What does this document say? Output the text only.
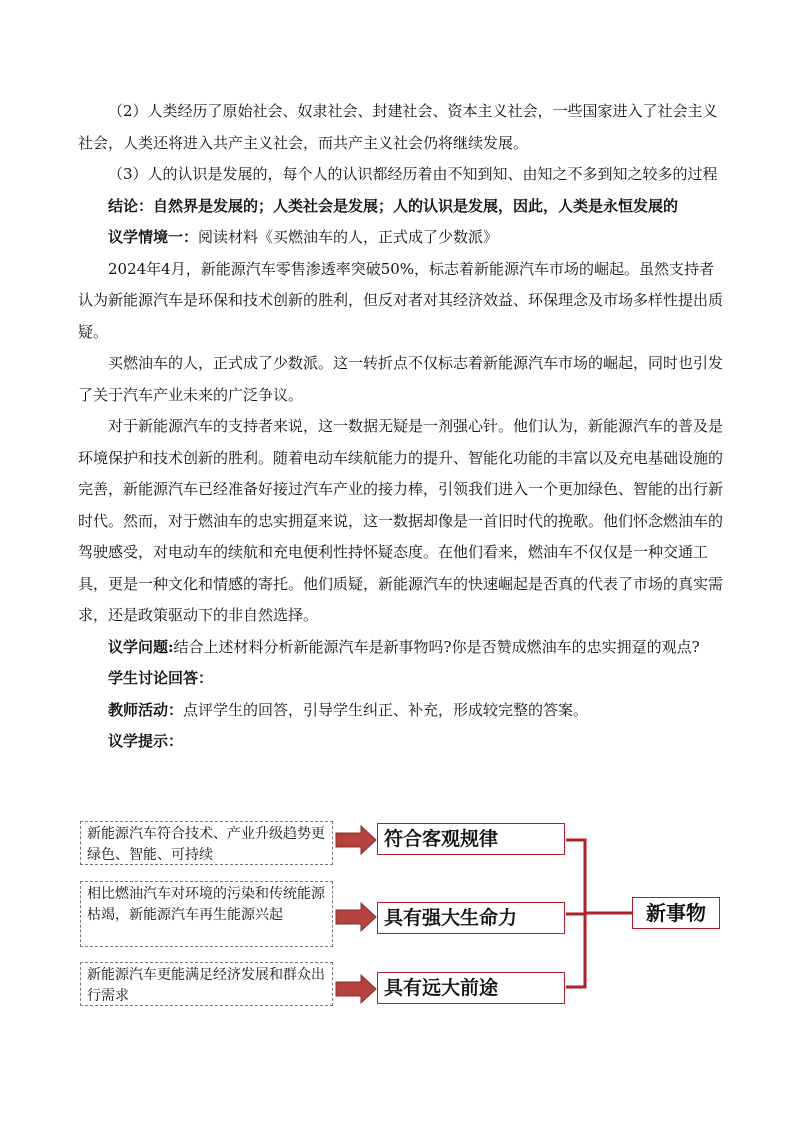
（2）人类经历了原始社会、奴隶社会、封建社会、资本主义社会，一些国家进入了社会主义社会，人类还将进入共产主义社会，而共产主义社会仍将继续发展。

（3）人的认识是发展的，每个人的认识都经历着由不知到知、由知之不多到知之较多的过程

结论：自然界是发展的；人类社会是发展；人的认识是发展，因此，人类是永恒发展的

议学情境一：阅读材料《买燃油车的人，正式成了少数派》

2024年4月，新能源汽车零售渗透率突破50%，标志着新能源汽车市场的崛起。虽然支持者认为新能源汽车是环保和技术创新的胜利，但反对者对其经济效益、环保理念及市场多样性提出质疑。

买燃油车的人，正式成了少数派。这一转折点不仅标志着新能源汽车市场的崛起，同时也引发了关于汽车产业未来的广泛争议。

对于新能源汽车的支持者来说，这一数据无疑是一剂强心针。他们认为，新能源汽车的普及是环境保护和技术创新的胜利。随着电动车续航能力的提升、智能化功能的丰富以及充电基础设施的完善，新能源汽车已经准备好接过汽车产业的接力棒，引领我们进入一个更加绿色、智能的出行新时代。然而，对于燃油车的忠实拥趸来说，这一数据却像是一首旧时代的挽歌。他们怀念燃油车的驾驶感受，对电动车的续航和充电便利性持怀疑态度。在他们看来，燃油车不仅仅是一种交通工具，更是一种文化和情感的寄托。他们质疑，新能源汽车的快速崛起是否真的代表了市场的真实需求，还是政策驱动下的非自然选择。

议学问题:结合上述材料分析新能源汽车是新事物吗?你是否赞成燃油车的忠实拥趸的观点?

学生讨论回答：

教师活动：点评学生的回答，引导学生纠正、补充，形成较完整的答案。

议学提示：

新能源汽车符合技术、产业升级趋势更绿色、智能、可持续
相比燃油汽车对环境的污染和传统能源枯竭，新能源汽车再生能源兴起
新能源汽车更能满足经济发展和群众出行需求
符合客观规律
具有强大生命力
具有远大前途
新事物
